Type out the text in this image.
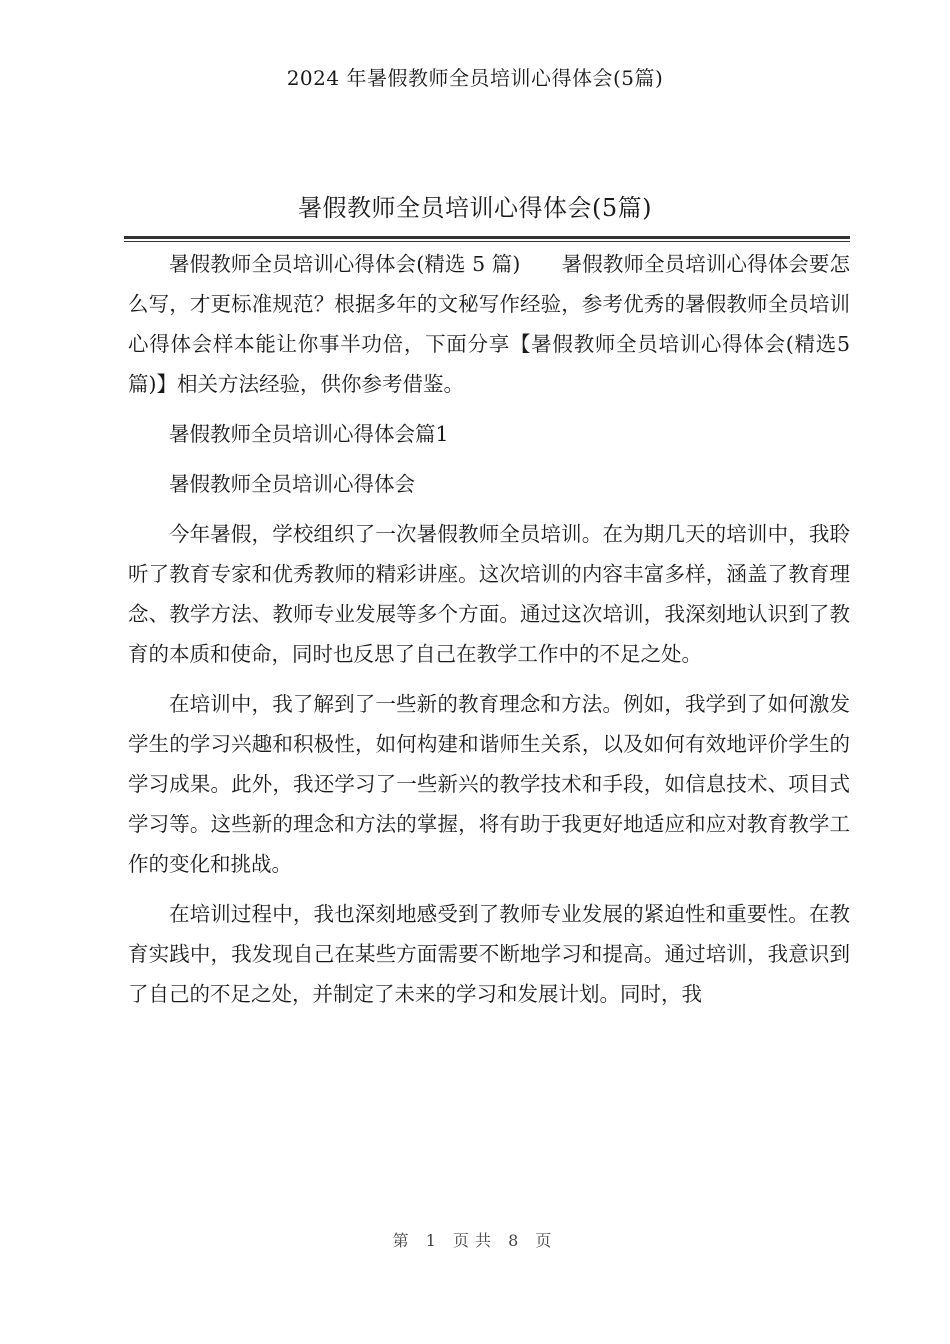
2024 年暑假教师全员培训心得体会(5篇)
暑假教师全员培训心得体会(5篇)

暑假教师全员培训心得体会(精选 5 篇)　　暑假教师全员培训心得体会要怎么写，才更标准规范？根据多年的文秘写作经验，参考优秀的暑假教师全员培训心得体会样本能让你事半功倍，下面分享【暑假教师全员培训心得体会(精选5篇)】相关方法经验，供你参考借鉴。

暑假教师全员培训心得体会篇1

暑假教师全员培训心得体会

今年暑假，学校组织了一次暑假教师全员培训。在为期几天的培训中，我聆听了教育专家和优秀教师的精彩讲座。这次培训的内容丰富多样，涵盖了教育理念、教学方法、教师专业发展等多个方面。通过这次培训，我深刻地认识到了教育的本质和使命，同时也反思了自己在教学工作中的不足之处。

在培训中，我了解到了一些新的教育理念和方法。例如，我学到了如何激发学生的学习兴趣和积极性，如何构建和谐师生关系，以及如何有效地评价学生的学习成果。此外，我还学习了一些新兴的教学技术和手段，如信息技术、项目式学习等。这些新的理念和方法的掌握，将有助于我更好地适应和应对教育教学工作的变化和挑战。

在培训过程中，我也深刻地感受到了教师专业发展的紧迫性和重要性。在教育实践中，我发现自己在某些方面需要不断地学习和提高。通过培训，我意识到了自己的不足之处，并制定了未来的学习和发展计划。同时，我

第 1 页共 8 页
